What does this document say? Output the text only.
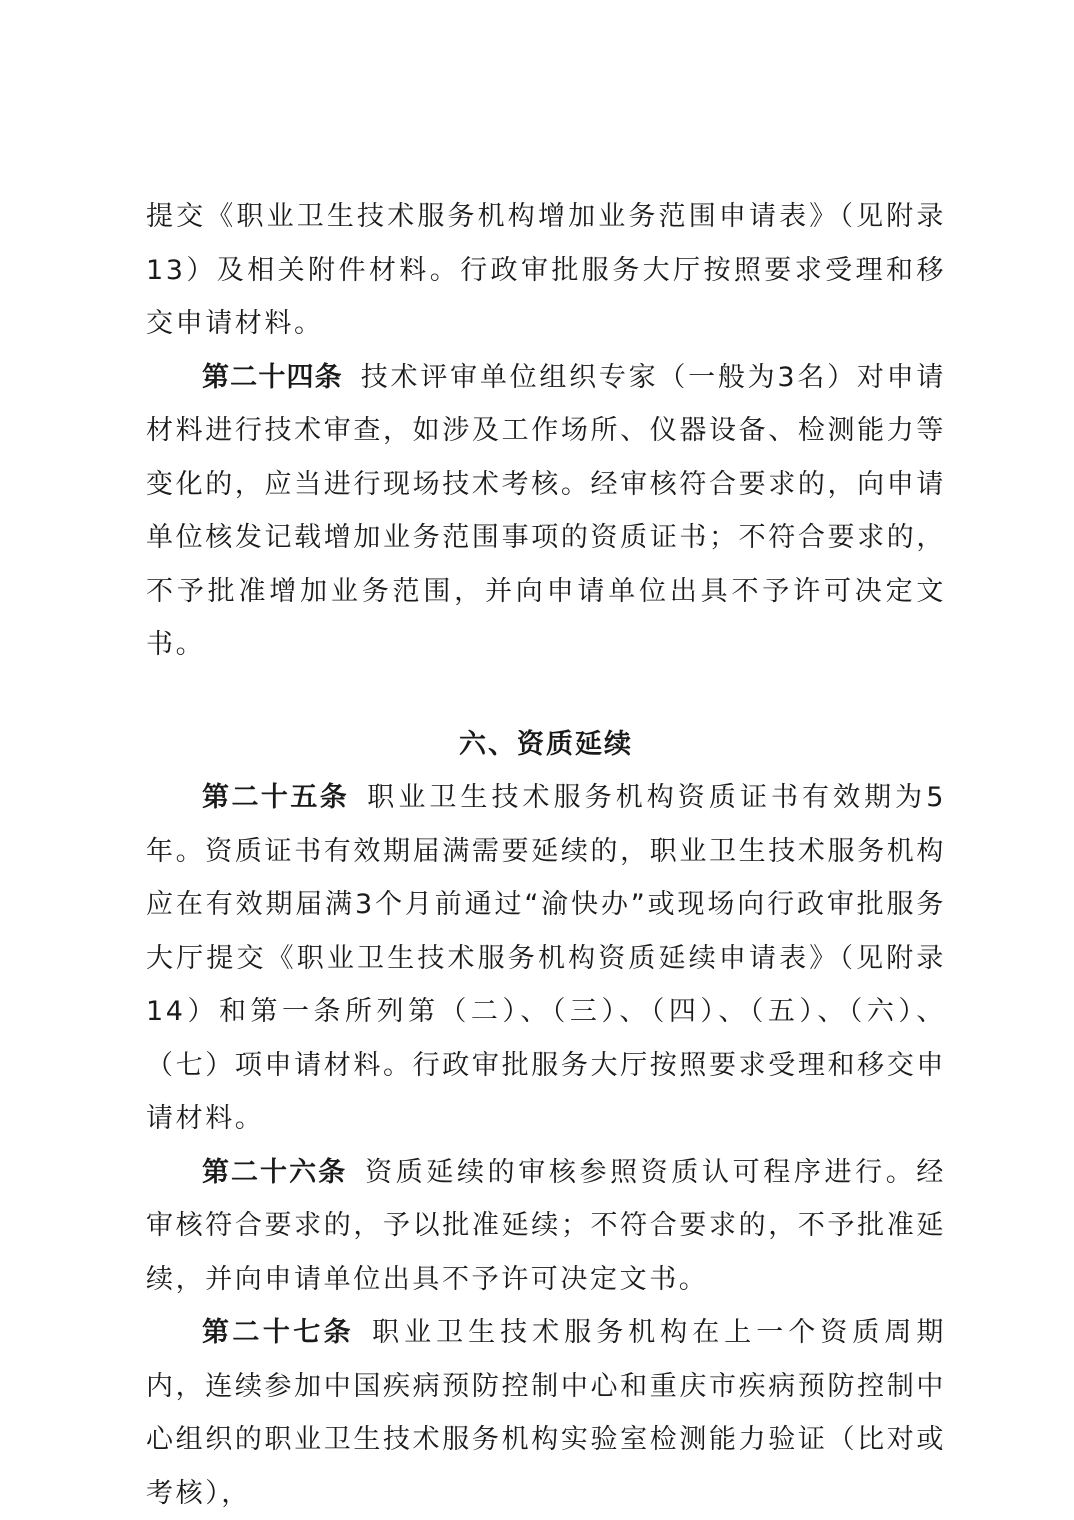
提交《职业卫生技术服务机构增加业务范围申请表》（见附录13）及相关附件材料。行政审批服务大厅按照要求受理和移交申请材料。

第二十四条 技术评审单位组织专家（一般为3名）对申请材料进行技术审查，如涉及工作场所、仪器设备、检测能力等变化的，应当进行现场技术考核。经审核符合要求的，向申请单位核发记载增加业务范围事项的资质证书；不符合要求的，不予批准增加业务范围，并向申请单位出具不予许可决定文书。

六、资质延续

第二十五条 职业卫生技术服务机构资质证书有效期为5年。资质证书有效期届满需要延续的，职业卫生技术服务机构应在有效期届满3个月前通过“渝快办”或现场向行政审批服务大厅提交《职业卫生技术服务机构资质延续申请表》（见附录14）和第一条所列第（二）、（三）、（四）、（五）、（六）、（七）项申请材料。行政审批服务大厅按照要求受理和移交申请材料。

第二十六条 资质延续的审核参照资质认可程序进行。经审核符合要求的，予以批准延续；不符合要求的，不予批准延续，并向申请单位出具不予许可决定文书。

第二十七条 职业卫生技术服务机构在上一个资质周期内，连续参加中国疾病预防控制中心和重庆市疾病预防控制中心组织的职业卫生技术服务机构实验室检测能力验证（比对或考核），
